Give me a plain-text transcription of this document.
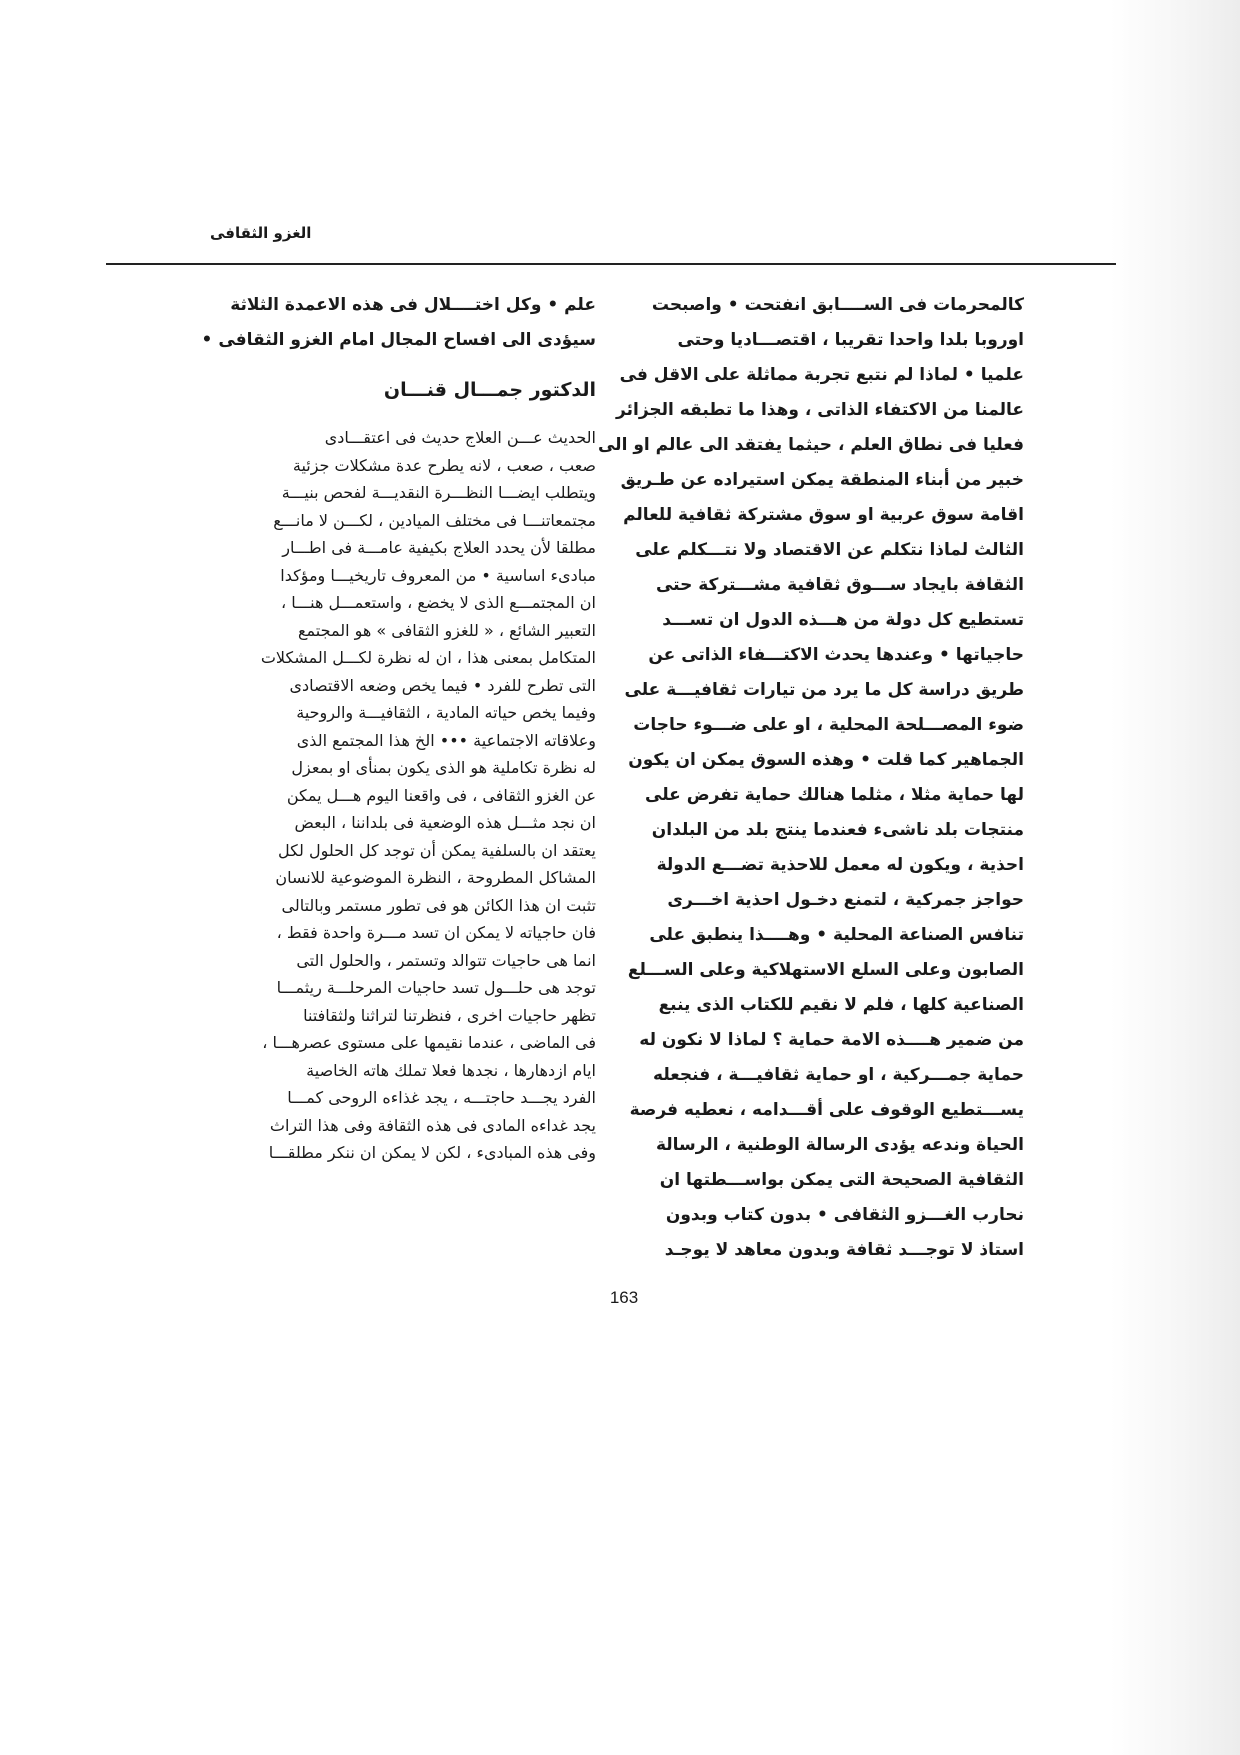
الغزو الثقافى
كالمحرمات فى الســــابق انفتحت • واصبحت
اوروبا بلدا واحدا تقريبا ، اقتصـــاديا وحتى
علميا • لماذا لم نتبع تجربة مماثلة على الاقل فى
عالمنا من الاكتفاء الذاتى ، وهذا ما تطبقه الجزائر
فعليا فى نطاق العلم ، حيثما يفتقد الى عالم او الى
خبير من أبناء المنطقة يمكن استيراده عن طـريق
اقامة سوق عربية او سوق مشتركة ثقافية للعالم
الثالث لماذا نتكلم عن الاقتصاد ولا نتـــكلم على
الثقافة بايجاد ســـوق ثقافية مشـــتركة حتى
تستطيع كل دولة من هـــذه الدول ان تســـد
حاجياتها • وعندها يحدث الاكتـــفاء الذاتى عن
طريق دراسة كل ما يرد من تيارات ثقافيـــة على
ضوء المصـــلحة المحلية ، او على ضـــوء حاجات
الجماهير كما قلت • وهذه السوق يمكن ان يكون
لها حماية مثلا ، مثلما هنالك حماية تفرض على
منتجات بلد ناشىء فعندما ينتج بلد من البلدان
احذية ، ويكون له معمل للاحذية تضـــع الدولة
حواجز جمركية ، لتمنع دخـول احذية اخـــرى
تنافس الصناعة المحلية • وهــــذا ينطبق على
الصابون وعلى السلع الاستهلاكية وعلى الســـلع
الصناعية كلها ، فلم لا نقيم للكتاب الذى ينبع
من ضمير هــــذه الامة حماية ؟ لماذا لا نكون له
حماية جمـــركية ، او حماية ثقافيـــة ، فنجعله
يســـتطيع الوقوف على أقـــدامه ، نعطيه فرصة
الحياة وندعه يؤدى الرسالة الوطنية ، الرسالة
الثقافية الصحيحة التى يمكن بواســـطتها ان
نحارب الغـــزو الثقافى • بدون كتاب وبدون
استاذ لا توجـــد ثقافة وبدون معاهد لا يوجـد
علم • وكل اختــــلال فى هذه الاعمدة الثلاثة
سيؤدى الى افساح المجال امام الغزو الثقافى •
الدكتور جمـــال قنـــان
الحديث عـــن العلاج حديث فى اعتقـــادى
صعب ، صعب ، لانه يطرح عدة مشكلات جزئية
ويتطلب ايضـــا النظـــرة النقديـــة لفحص بنيـــة
مجتمعاتنـــا فى مختلف الميادين ، لكـــن لا مانـــع
مطلقا لأن يحدد العلاج بكيفية عامـــة فى اطـــار
مبادىء اساسية • من المعروف تاريخيـــا ومؤكدا
ان المجتمـــع الذى لا يخضع ، واستعمـــل هنـــا ،
التعبير الشائع ، « للغزو الثقافى » هو المجتمع
المتكامل بمعنى هذا ، ان له نظرة لكـــل المشكلات
التى تطرح للفرد • فيما يخص وضعه الاقتصادى
وفيما يخص حياته المادية ، الثقافيـــة والروحية
وعلاقاته الاجتماعية ••• الخ هذا المجتمع الذى
له نظرة تكاملية هو الذى يكون بمنأى او بمعزل
عن الغزو الثقافى ، فى واقعنا اليوم هـــل يمكن
ان نجد مثـــل هذه الوضعية فى بلداننا ، البعض
يعتقد ان بالسلفية يمكن أن توجد كل الحلول لكل
المشاكل المطروحة ، النظرة الموضوعية للانسان
تثبت ان هذا الكائن هو فى تطور مستمر وبالتالى
فان حاجياته لا يمكن ان تسد مـــرة واحدة فقط ،
انما هى حاجيات تتوالد وتستمر ، والحلول التى
توجد هى حلـــول تسد حاجيات المرحلـــة ريثمـــا
تظهر حاجيات اخرى ، فنظرتنا لتراثنا ولثقافتنا
فى الماضى ، عندما نقيمها على مستوى عصرهـــا ،
ايام ازدهارها ، نجدها فعلا تملك هاته الخاصية
الفرد يجـــد حاجتـــه ، يجد غذاءه الروحى كمـــا
يجد غداءه المادى فى هذه الثقافة وفى هذا التراث
وفى هذه المبادىء ، لكن لا يمكن ان ننكر مطلقـــا
163
